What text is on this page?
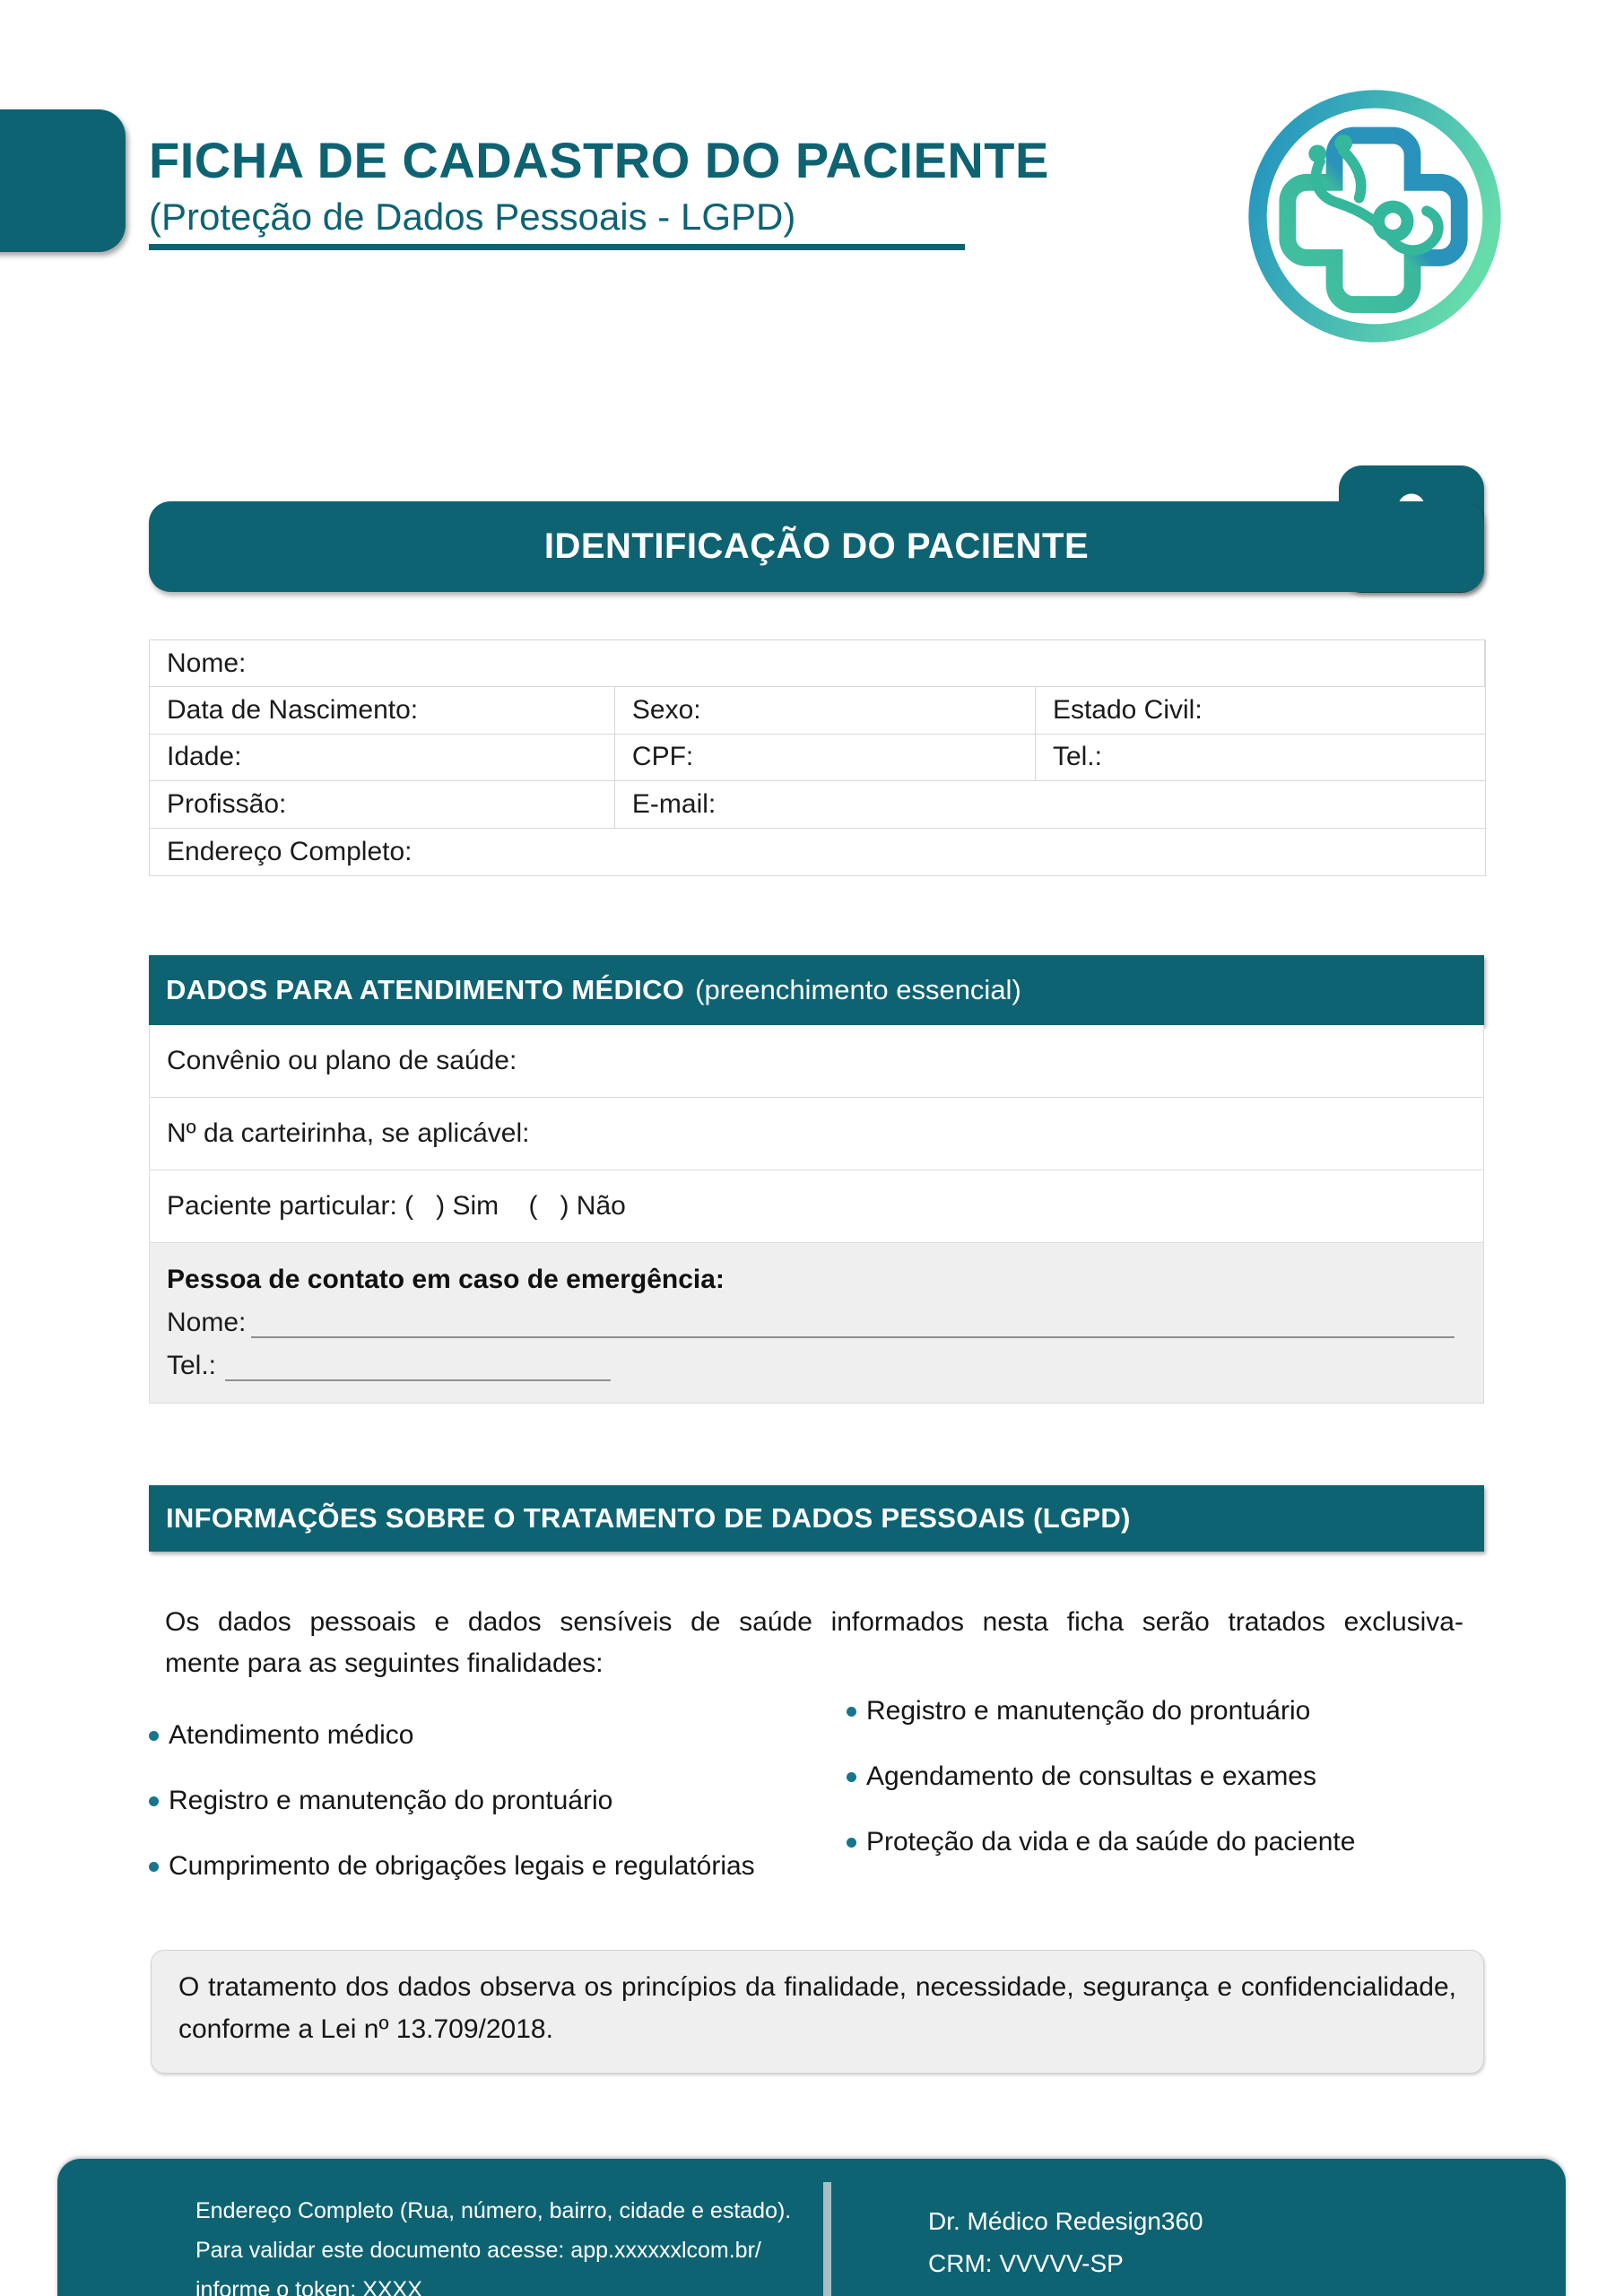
FICHA DE CADASTRO DO PACIENTE
(Proteção de Dados Pessoais - LGPD)
IDENTIFICAÇÃO DO PACIENTE
Nome:
Data de Nascimento:	Sexo:	Estado Civil:
Idade:	CPF:	Tel.:
Profissão:	E-mail:
Endereço Completo:
DADOS PARA ATENDIMENTO MÉDICO (preenchimento essencial)
Convênio ou plano de saúde:
Nº da carteirinha, se aplicável:
Paciente particular: (   ) Sim    (   ) Não
Pessoa de contato em caso de emergência:
Nome:
Tel.:
INFORMAÇÕES SOBRE O TRATAMENTO DE DADOS PESSOAIS (LGPD)
Os dados pessoais e dados sensíveis de saúde informados nesta ficha serão tratados exclusiva-
mente para as seguintes finalidades:
Atendimento médico
Registro e manutenção do prontuário
Cumprimento de obrigações legais e regulatórias
Registro e manutenção do prontuário
Agendamento de consultas e exames
Proteção da vida e da saúde do paciente
O tratamento dos dados observa os princípios da finalidade, necessidade, segurança e confidencialidade, conforme a Lei nº 13.709/2018.
Endereço Completo (Rua, número, bairro, cidade e estado).
Para validar este documento acesse: app.xxxxxxlcom.br/
informe o token: XXXX
Dr. Médico Redesign360
CRM: VVVVV-SP
